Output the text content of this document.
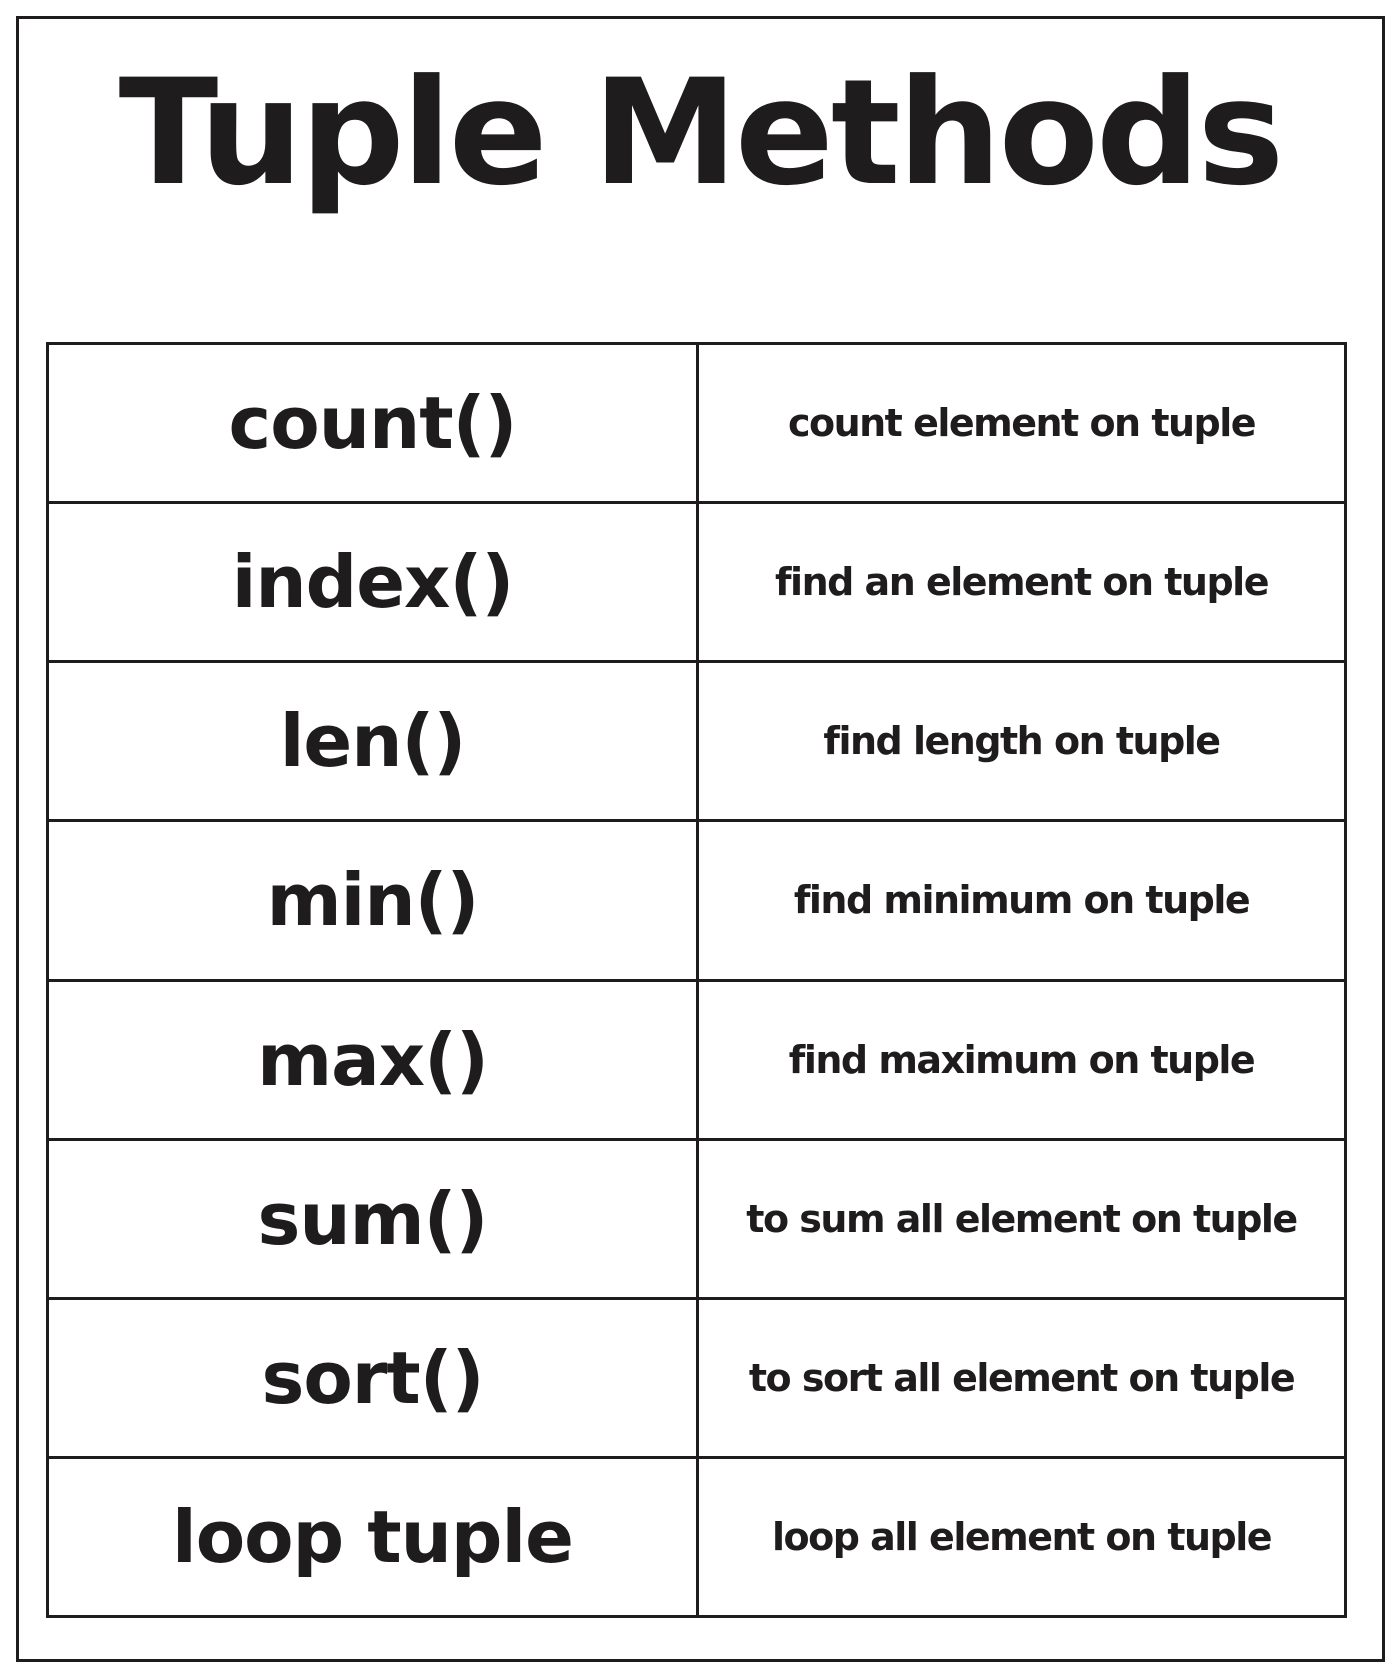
Tuple Methods
count()	count element on tuple
index()	find an element on tuple
len()	find length on tuple
min()	find minimum on tuple
max()	find maximum on tuple
sum()	to sum all element on tuple
sort()	to sort all element on tuple
loop tuple	loop all element on tuple
